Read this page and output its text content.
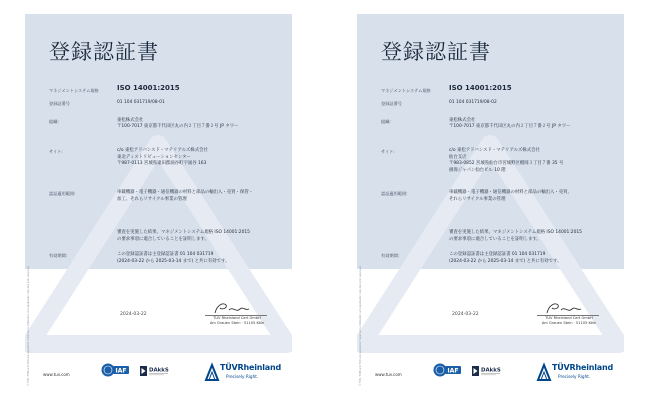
© TÜV, TUEV and TUV are registered trademarks. Utilisation and application requires prior approval.
登録認証書
マネジメントシステム規格	ISO 14001:2015
登録証番号	01 104 031719/08-01
組織:	東松株式会社
〒100-7017 東京都千代田区丸の内２丁目７番２号 JP タワー
サイト:	c/o 東松アドバンスド・マテリアルズ株式会社
東北ディストリビューションセンター
〒987-0113 宮城県遠田郡涌谷町字涌谷 163
認証適用範囲:	車載機器・電子機器・通信機器の材料と部品の輸出入・売買・保管・
加工、それらリサイクル事業の管理
審査を実施した結果、マネジメントシステム規格 ISO 14001:2015
の要求事項に適合していることを証明します。
有効期間:	この登録認証書は主登録認証書 01 104 031719
(2024-03-22 から 2025-03-14 まで) と共に有効です。
2024-03-22
TÜV Rheinland Cert GmbH
Am Grauen Stein · 51105 Köln
www.tuv.com
IAF	DAkkS	TÜVRheinland
Precisely Right.	© TÜV, TUEV and TUV are registered trademarks. Utilisation and application requires prior approval.
登録認証書
マネジメントシステム規格	ISO 14001:2015
登録証番号	01 104 031719/08-02
組織:	東松株式会社
〒100-7017 東京都千代田区丸の内２丁目７番２号 JP タワー
サイト:	c/o 東松アドバンスド・マテリアルズ株式会社
仙台支店
〒983-0852 宮城県仙台市宮城野区榴岡３丁目７番 35 号
損保ジャパン仙台ビル 10 階
認証適用範囲:	車載機器・電子機器・通信機器の材料と部品の輸出入・売買、
それらリサイクル事業の管理
審査を実施した結果、マネジメントシステム規格 ISO 14001:2015
の要求事項に適合していることを証明します。
有効期間:	この登録認証書は主登録認証書 01 104 031719
(2024-03-22 から 2025-03-14 まで) と共に有効です。
2024-03-22
TÜV Rheinland Cert GmbH
Am Grauen Stein · 51105 Köln
www.tuv.com
IAF	DAkkS	TÜVRheinland
Precisely Right.
